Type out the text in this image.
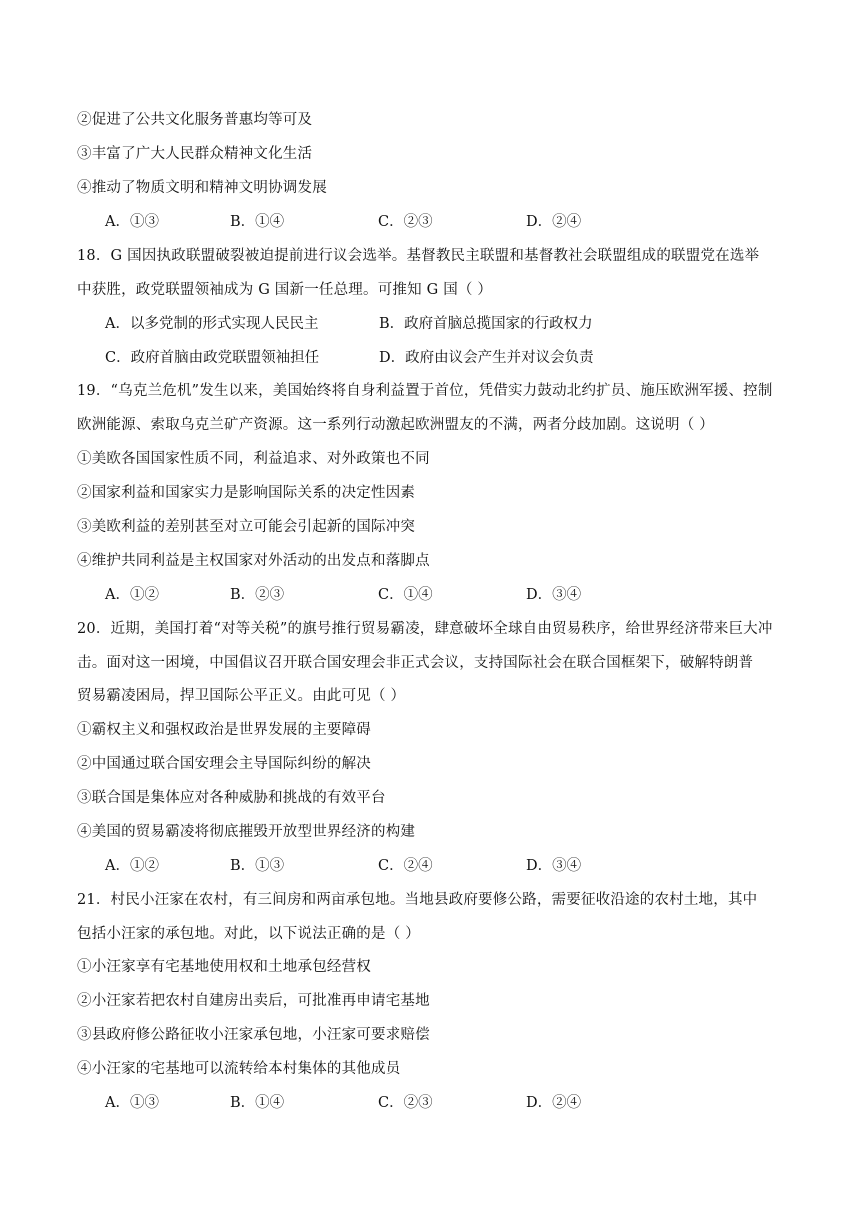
②促进了公共文化服务普惠均等可及
③丰富了广大人民群众精神文化生活
④推动了物质文明和精神文明协调发展
A．①③	B．①④	C．②③	D．②④
18．G 国因执政联盟破裂被迫提前进行议会选举。基督教民主联盟和基督教社会联盟组成的联盟党在选举
中获胜，政党联盟领袖成为 G 国新一任总理。可推知 G 国（ ）
A．以多党制的形式实现人民民主	B．政府首脑总揽国家的行政权力
C．政府首脑由政党联盟领袖担任	D．政府由议会产生并对议会负责
19．“乌克兰危机”发生以来，美国始终将自身利益置于首位，凭借实力鼓动北约扩员、施压欧洲军援、控制
欧洲能源、索取乌克兰矿产资源。这一系列行动激起欧洲盟友的不满，两者分歧加剧。这说明（ ）
①美欧各国国家性质不同，利益追求、对外政策也不同
②国家利益和国家实力是影响国际关系的决定性因素
③美欧利益的差别甚至对立可能会引起新的国际冲突
④维护共同利益是主权国家对外活动的出发点和落脚点
A．①②	B．②③	C．①④	D．③④
20．近期，美国打着“对等关税”的旗号推行贸易霸凌，肆意破坏全球自由贸易秩序，给世界经济带来巨大冲
击。面对这一困境，中国倡议召开联合国安理会非正式会议，支持国际社会在联合国框架下，破解特朗普
贸易霸凌困局，捍卫国际公平正义。由此可见（ ）
①霸权主义和强权政治是世界发展的主要障碍
②中国通过联合国安理会主导国际纠纷的解决
③联合国是集体应对各种威胁和挑战的有效平台
④美国的贸易霸凌将彻底摧毁开放型世界经济的构建
A．①②	B．①③	C．②④	D．③④
21．村民小汪家在农村，有三间房和两亩承包地。当地县政府要修公路，需要征收沿途的农村土地，其中
包括小汪家的承包地。对此，以下说法正确的是（ ）
①小汪家享有宅基地使用权和土地承包经营权
②小汪家若把农村自建房出卖后，可批准再申请宅基地
③县政府修公路征收小汪家承包地，小汪家可要求赔偿
④小汪家的宅基地可以流转给本村集体的其他成员
A．①③	B．①④	C．②③	D．②④
